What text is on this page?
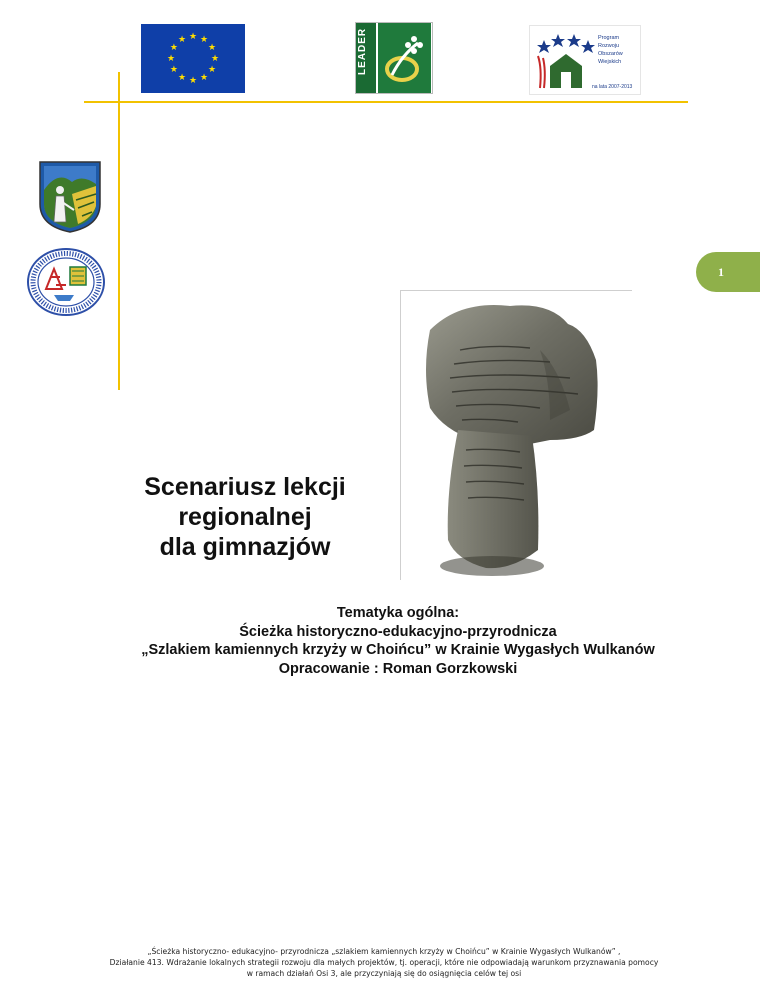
★ ★
★
★
★
★
★
★
★
★
★
★	LEADER	Program
Rozwoju
Obszarów
Wiejskich
na lata 2007-2013
1
Scenariusz lekcji
regionalnej
dla gimnazjów
Tematyka ogólna:
Ścieżka historyczno-edukacyjno-przyrodnicza
„Szlakiem kamiennych krzyży w Choińcu” w Krainie Wygasłych Wulkanów
Opracowanie : Roman Gorzkowski
„Ścieżka historyczno- edukacyjno- przyrodnicza „szlakiem kamiennych krzyży w Choińcu” w Krainie Wygasłych Wulkanów” ,
Działanie 413. Wdrażanie lokalnych strategii rozwoju dla małych projektów, tj. operacji, które nie odpowiadają warunkom przyznawania pomocy
w ramach działań Osi 3, ale przyczyniają się do osiągnięcia celów tej osi
